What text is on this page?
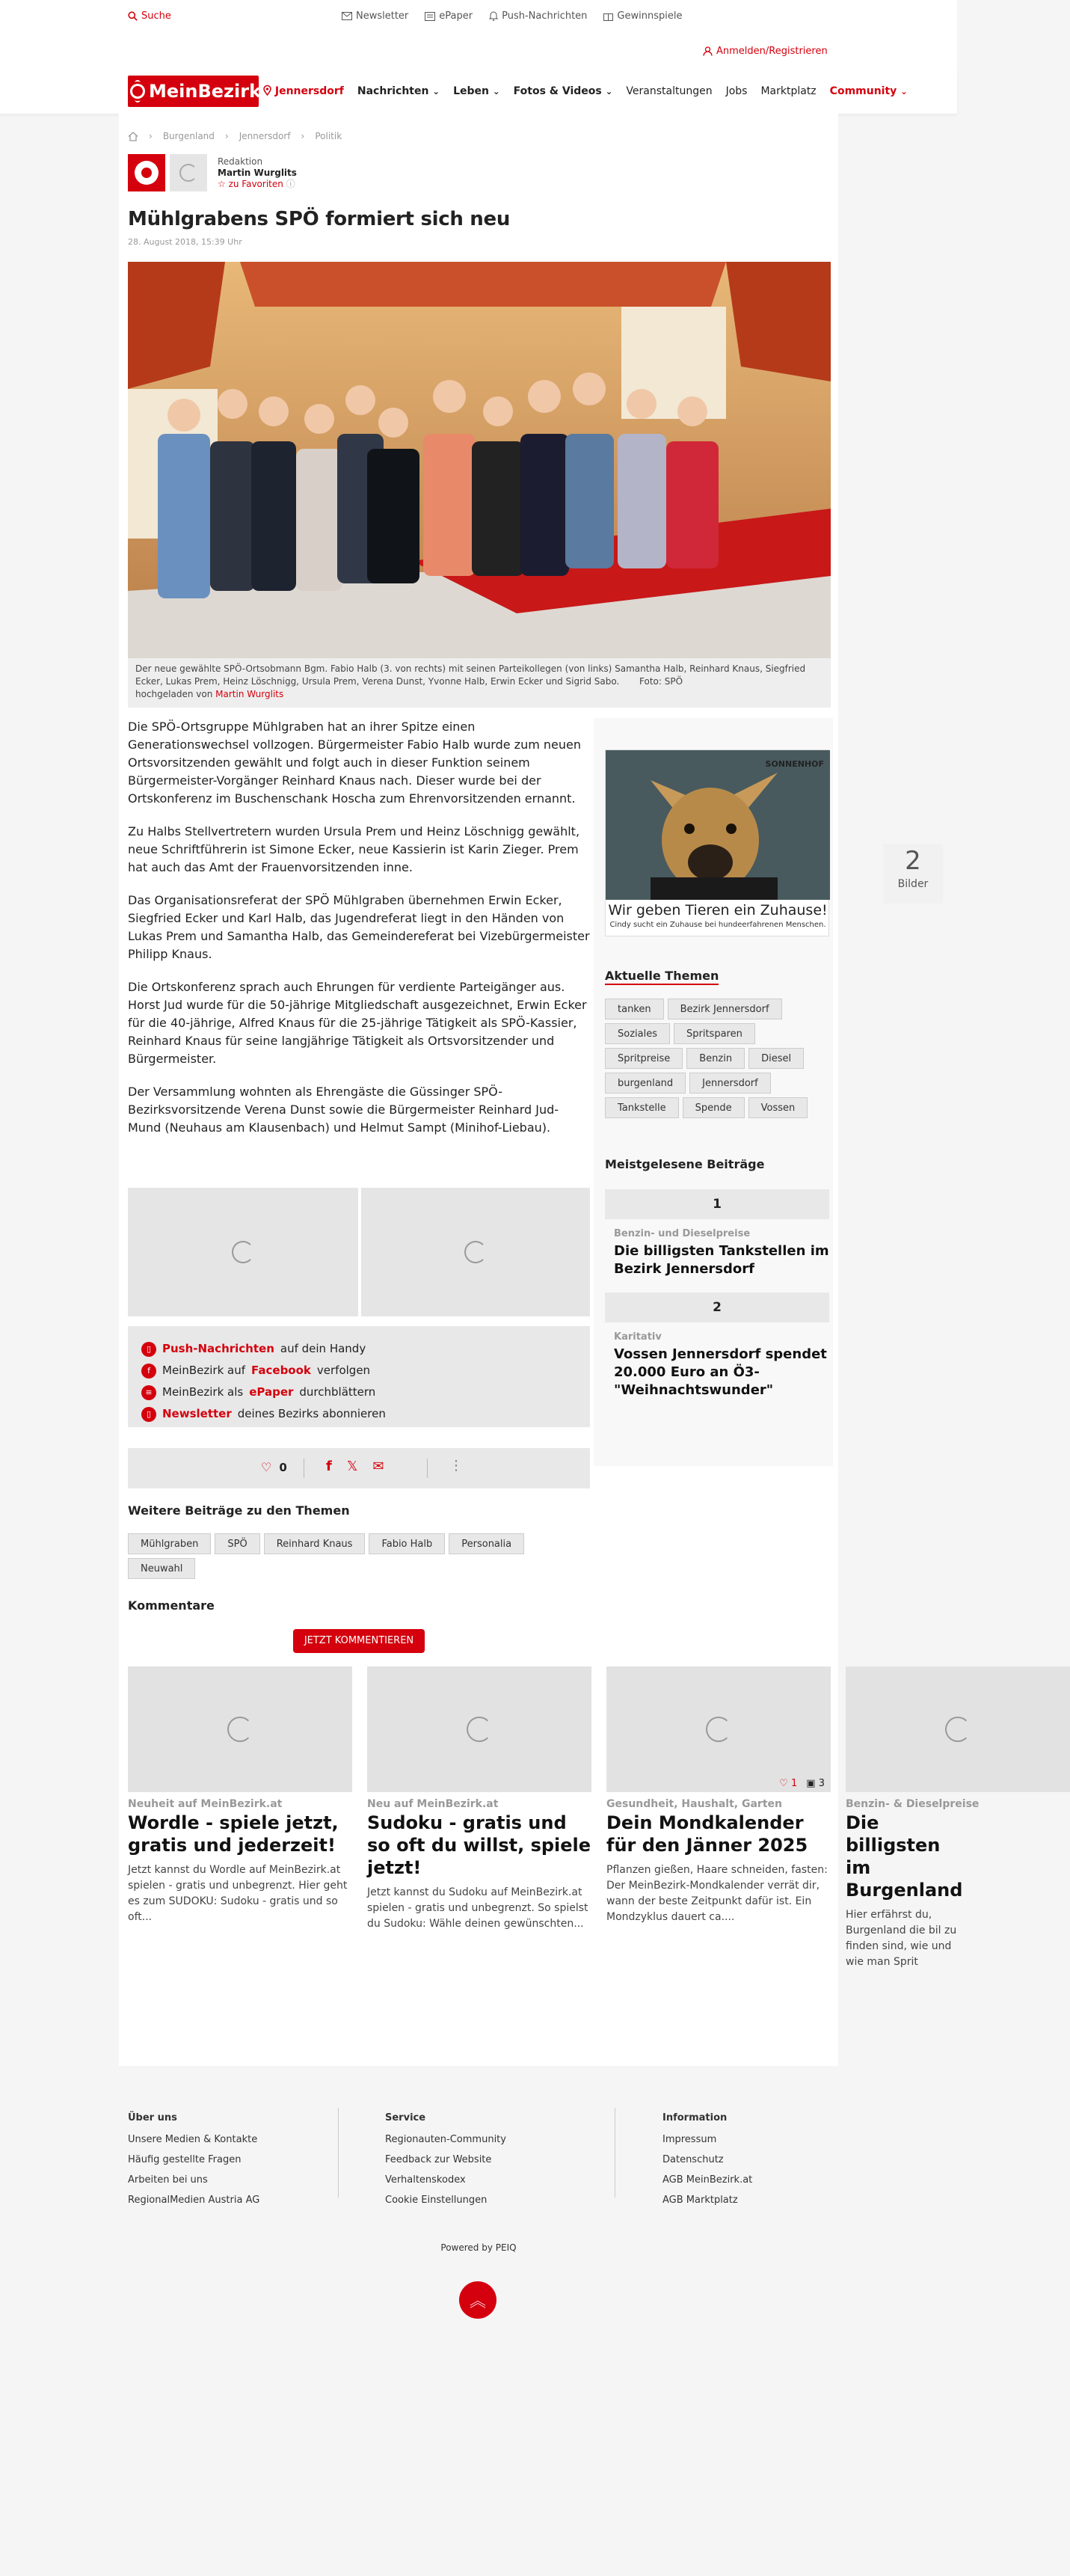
Suche	Newsletter	ePaper	Push-Nachrichten	Gewinnspiele
Anmelden/Registrieren
MeinBezirk	Jennersdorf Nachrichten ⌄ Leben ⌄ Fotos & Videos ⌄ Veranstaltungen Jobs Marktplatz Community ⌄
› Burgenland › Jennersdorf › Politik
Redaktion
Martin Wurglits
☆ zu Favoriten ⓘ
Mühlgrabens SPÖ formiert sich neu
28. August 2018, 15:39 Uhr
2
Bilder
Der neue gewählte SPÖ-Ortsobmann Bgm. Fabio Halb (3. von rechts) mit seinen Parteikollegen (von links) Samantha Halb, Reinhard Knaus, Siegfried Ecker, Lukas Prem, Heinz Löschnigg, Ursula Prem, Verena Dunst, Yvonne Halb, Erwin Ecker und Sigrid Sabo. Foto: SPÖ
hochgeladen von Martin Wurglits

Die SPÖ-Ortsgruppe Mühlgraben hat an ihrer Spitze einen Generationswechsel vollzogen. Bürgermeister Fabio Halb wurde zum neuen Ortsvorsitzenden gewählt und folgt auch in dieser Funktion seinem Bürgermeister-Vorgänger Reinhard Knaus nach. Dieser wurde bei der Ortskonferenz im Buschenschank Hoscha zum Ehrenvorsitzenden ernannt.

Zu Halbs Stellvertretern wurden Ursula Prem und Heinz Löschnigg gewählt, neue Schriftführerin ist Simone Ecker, neue Kassierin ist Karin Zieger. Prem hat auch das Amt der Frauenvorsitzenden inne.

Das Organisationsreferat der SPÖ Mühlgraben übernehmen Erwin Ecker, Siegfried Ecker und Karl Halb, das Jugendreferat liegt in den Händen von Lukas Prem und Samantha Halb, das Gemeindereferat bei Vizebürgermeister Philipp Knaus.

Die Ortskonferenz sprach auch Ehrungen für verdiente Parteigänger aus. Horst Jud wurde für die 50-jährige Mitgliedschaft ausgezeichnet, Erwin Ecker für die 40-jährige, Alfred Knaus für die 25-jährige Tätigkeit als SPÖ-Kassier, Reinhard Knaus für seine langjährige Tätigkeit als Ortsvorsitzender und Bürgermeister.

Der Versammlung wohnten als Ehrengäste die Güssinger SPÖ-Bezirksvorsitzende Verena Dunst sowie die Bürgermeister Reinhard Jud-Mund (Neuhaus am Klausenbach) und Helmut Sampt (Minihof-Liebau).

SONNENHOF
Wir geben Tieren ein Zuhause!
Cindy sucht ein Zuhause bei hundeerfahrenen Menschen.
Aktuelle Themen
tanken	Bezirk Jennersdorf
Soziales	Spritsparen
Spritpreise	Benzin	Diesel
burgenland	Jennersdorf
Tankstelle	Spende	Vossen
Meistgelesene Beiträge
1
Benzin- und Dieselpreise
Die billigsten Tankstellen im Bezirk Jennersdorf
2
Karitativ
Vossen Jennersdorf spendet 20.000 Euro an Ö3-"Weihnachtswunder"
▯ Push-Nachrichten auf dein Handy
f	MeinBezirk auf Facebook verfolgen
≡ MeinBezirk als ePaper durchblättern
▯ Newsletter deines Bezirks abonnieren
♡ 0	f 𝕏 ✉	⋮
Weitere Beiträge zu den Themen
Mühlgraben	SPÖ	Reinhard Knaus	Fabio Halb	Personalia
Neuwahl
Kommentare
JETZT KOMMENTIEREN
Neuheit auf MeinBezirk.at
Wordle - spiele jetzt, gratis und jederzeit!
Jetzt kannst du Wordle auf MeinBezirk.at spielen - gratis und unbegrenzt. Hier geht es zum SUDOKU: Sudoku - gratis und so oft...
Neu auf MeinBezirk.at
Sudoku - gratis und so oft du willst, spiele jetzt!
Jetzt kannst du Sudoku auf MeinBezirk.at spielen - gratis und unbegrenzt. So spielst du Sudoku: Wähle deinen gewünschten...
♡ 1 ▣ 3
Gesundheit, Haushalt, Garten
Dein Mondkalender für den Jänner 2025
Pflanzen gießen, Haare schneiden, fasten: Der MeinBezirk-Mondkalender verrät dir, wann der beste Zeitpunkt dafür ist. Ein Mondzyklus dauert ca....
Benzin- & Dieselpreise
Die billigsten im Burgenland
Hier erfährst du, Burgenland die bil zu finden sind, wie und wie man Sprit
Über uns
Unsere Medien & Kontakte
Häufig gestellte Fragen
Arbeiten bei uns
RegionalMedien Austria AG
Service
Regionauten-Community
Feedback zur Website
Verhaltenskodex
Cookie Einstellungen
Information
Impressum
Datenschutz
AGB MeinBezirk.at
AGB Marktplatz
Powered by PEIQ
︽
